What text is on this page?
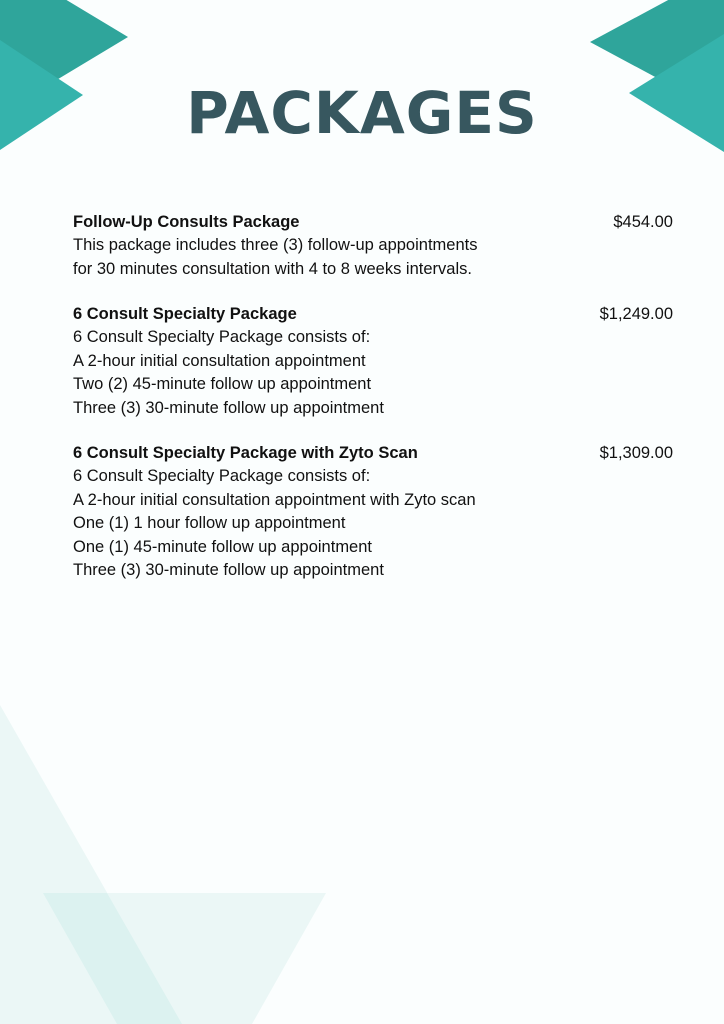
PACKAGES
Follow-Up Consults Package	$454.00
This package includes three (3) follow-up appointments
for 30 minutes consultation with 4 to 8 weeks intervals.
6 Consult Specialty Package	$1,249.00
6 Consult Specialty Package consists of:
A 2-hour initial consultation appointment
Two (2) 45-minute follow up appointment
Three (3) 30-minute follow up appointment
6 Consult Specialty Package with Zyto Scan	$1,309.00
6 Consult Specialty Package consists of:
A 2-hour initial consultation appointment with Zyto scan
One (1) 1 hour follow up appointment
One (1) 45-minute follow up appointment
Three (3) 30-minute follow up appointment
